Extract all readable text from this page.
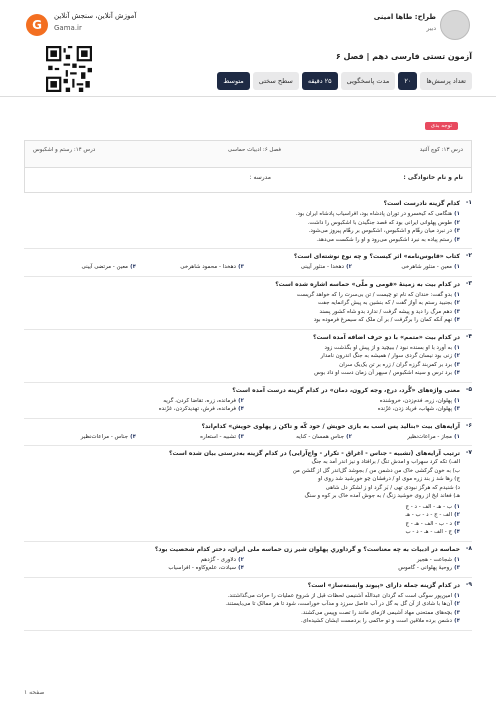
G
آموزش آنلاین، سنجش آنلاین
Gama.ir
طراح: طاها امینی
دبیر
آزمون تستی فارسی دهم | فصل ۶
تعداد پرسش‌ها
۲۰
مدت پاسخگویی
۲۵ دقیقه
سطح سختی
متوسط
توجه بدی
درس ۱۳: کوچ آلنید
فصل ۶: ادبیات حماسی
درس ۱۴: رستم و اشکبوس
نام و نام خانوادگی :
مدرسه :
۱-
کدام گزینه نادرست است؟
۱)
هنگامی که کیخسرو در توران پادشاه بود، افراسیاب پادشاه ایران بود.
۲)
طوس پهلوانی ایرانی بود که قصد جنگیدن با اشکبوس را داشت.
۳)
در نبرد میان رهّام و اشکبوس، اشکبوس بر رهّام پیروز می‌شود.
۴)
رستم پیاده به نبرد اشکبوس می‌رود و او را شکست می‌دهد.
۲-
کتاب «قابوس‌نامه» اثر کیست؟ و چه نوع نوشته‌ای است؟
۱)
معین - منثور شاهرخی
۲)
دهخدا - منثور آیینی
۳)
دهخدا - محمود شاهرخی
۴)
معین - مرتضی آیینی
۳-
در کدام بیت به زمینهٔ «قومی و ملّی» حماسه اشاره شده است؟
۱)
بدو گفت: خندان که نام تو چیست / تن بی‌سرت را که خواهد گریست
۲)
بجنبید رستم به آواز گفت / که بنشین به پیش گرانمایه جفت
۳)
دهم مرگ را دید و پیشه گرفت / ندارد بدو شاه کشور پسند
۴)
نهم آنکه کمان را برگرفت / بر آن ملک که سیمرغ فرموده بود
۴-
در کدام بیت «متمم» با دو حرف اضافه آمده است؟
۱)
به آورد با او بسنده نبود / ببیچید و از پیش او بگذشت زود
۲)
زنی بود نیسان گردی سوار / همیشه به جنگ اندرون نامدار
۳)
برد بر کمربند گرزه گران / زره بر تن یک‌یک سران
۴)
برد ترس و سینه اشکبوس / سپهر آن زمان دست او داد بوس
۵-
معنی واژه‌های «گُرد، درع، وجه کرون، دمان» در کدام گزینه درست آمده است؟
۱)
پهلوان، زره، فدم‌زدن، خروشنده
۲)
فرمانده، زره، تقاضا کردن، گریه
۳)
پهلوان، شهاب، فریاد زدن، غرّنده
۴)
فرمانده، فرش، تهدیدکردن، غرّنده
۶-
آرایه‌های بیت «بنالید پس اسب به بازی خویش / خود کّه و تاکن ز پهلوی خویش» کدام‌اند؟
۱)
مجاز - مراعات‌نظیر
۲)
جناس همسان - کنایه
۳)
تشبیه - استعاره
۴)
جناس - مراعات‌نظیر
۷-
ترتیب آرایه‌های (تشبیه - جناس - اغراق - تکرار - واج‌آرایی) در کدام گزینه به‌درستی بیان شده است؟
الف) تکه کرد سهراب و امدش تنگ / برافتاد و نیز اندر آمد به جنگ
ب) به خون گرکشی خاک من دشمن من / بجوشد گل‌اندر گل از گلشن من
ج) رها شد ز بند زره موی او / درفشان چو خورشید شد روی او
د) شنیدم که هرگز نبودی تهی / بَر گرد او ز لشکر دل شاهی
هـ) فغاند ابخ از روی خوشید زنگ / به جوش آمده خاک بر کوه و سنگ
۱)
ب - هـ - الف - د - ج
۲)
الف - ج - د - ب - هـ
۳)
د - ب - الف - هـ - ج
۴)
ج - الف - هـ - د - ب
۸-
حماسه در ادبیات به چه معناست؟ و گرداوریِ پهلوان شیر زن حماسه ملی ایران، دختر کدام شخصیت بود؟
۱)
شجاعت - هجیر
۲)
دلاوری - گژدهم
۳)
روحیهٔ پهلوانی - گاموس
۴)
سیادت، علم‌وکاوه - افراسیاب
۹-
در کدام گزینه جمله دارای «پیوند وابسته‌ساز» است؟
۱)
امین‌پور سوگی است که گردان عبداللّه آشنیمی لحظات قبل از شروع عملیات را حرات می‌گذاشتند.
۲)
آن‌ها با شادی از آن گل به گل در آب عاصل سرزد و مدآب خوراست، شود تا هر ممالک تا می‌بایستند.
۳)
بچه‌های ممتحنی مهاد آشیمی لازمای مانند را تصت وپیس می‌کشند.
۴)
دشمن برده ملاقین است و تو حاکمی را بردمست ایشان کشیده‌ای.
صفحه ۱
